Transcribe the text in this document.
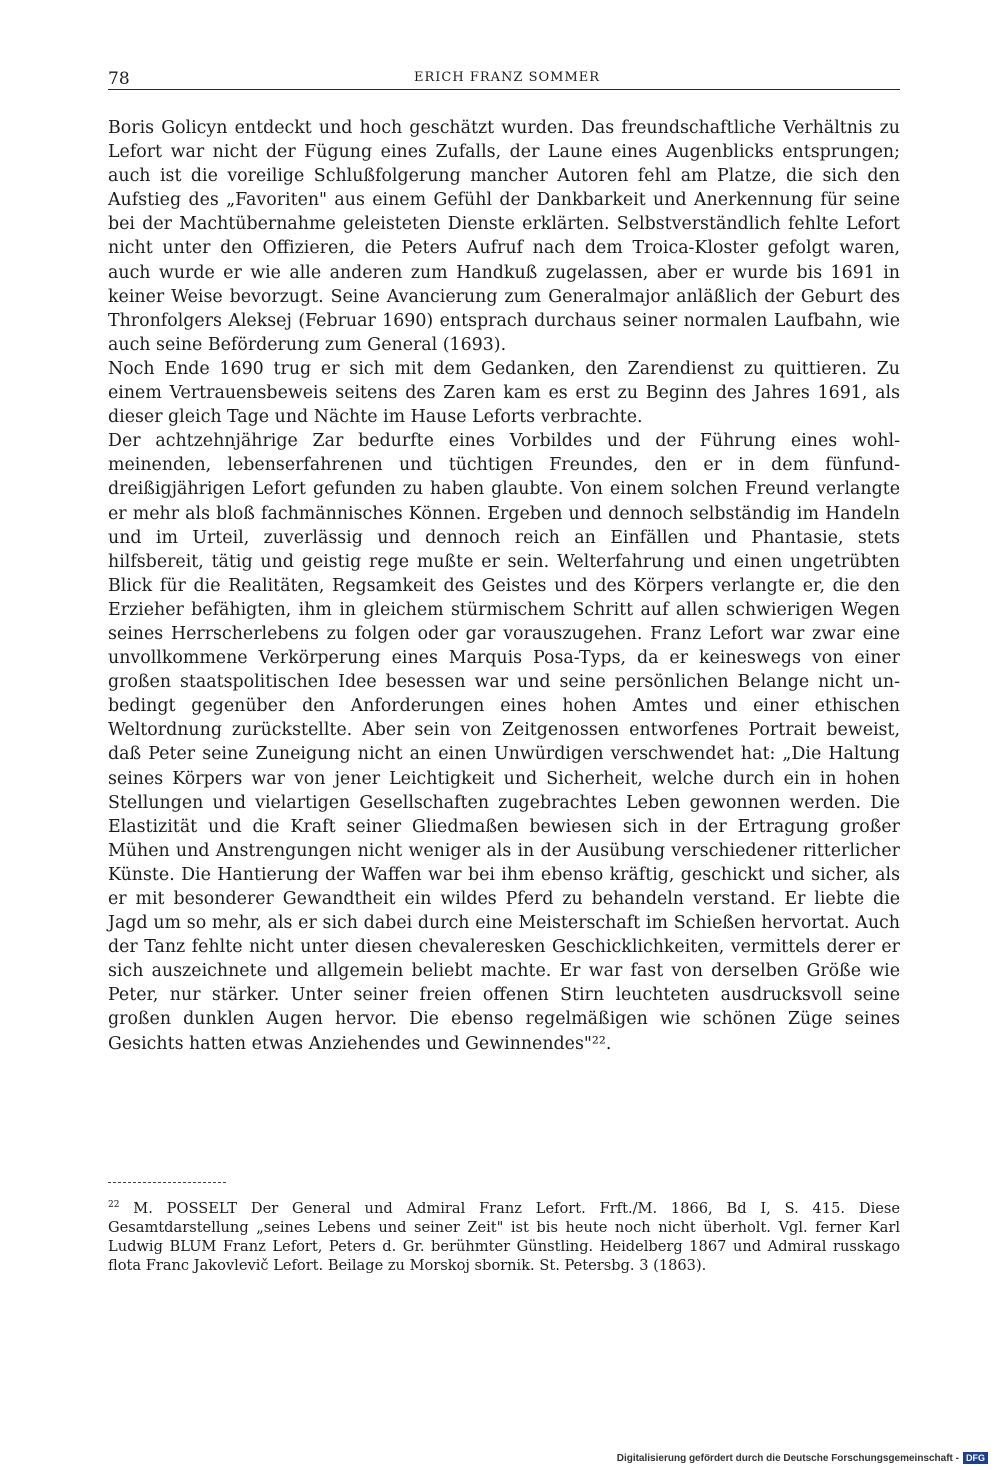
78	ERICH FRANZ SOMMER

Boris Golicyn entdeckt und hoch geschätzt wurden. Das freundschaftliche Verhältnis zu Lefort war nicht der Fügung eines Zufalls, der Laune eines Augenblicks entsprungen; auch ist die voreilige Schlußfolgerung mancher Autoren fehl am Platze, die sich den Aufstieg des „Favoriten" aus einem Gefühl der Dankbarkeit und Anerkennung für seine bei der Machtübernahme geleisteten Dienste erklärten. Selbstverständlich fehlte Lefort nicht unter den Offizieren, die Peters Aufruf nach dem Troica-Kloster gefolgt waren, auch wurde er wie alle anderen zum Handkuß zugelassen, aber er wurde bis 1691 in keiner Weise bevorzugt. Seine Avancierung zum Generalmajor anläßlich der Geburt des Thronfolgers Aleksej (Februar 1690) entsprach durchaus seiner normalen Laufbahn, wie auch seine Beförderung zum General (1693).

Noch Ende 1690 trug er sich mit dem Gedanken, den Zarendienst zu quittieren. Zu einem Vertrauensbeweis seitens des Zaren kam es erst zu Beginn des Jahres 1691, als dieser gleich Tage und Nächte im Hause Leforts verbrachte.

Der achtzehnjährige Zar bedurfte eines Vorbildes und der Führung eines wohlmeinenden, lebenserfahrenen und tüchtigen Freundes, den er in dem fünfunddreißigjährigen Lefort gefunden zu haben glaubte. Von einem solchen Freund verlangte er mehr als bloß fachmännisches Können. Ergeben und dennoch selbständig im Handeln und im Urteil, zuverlässig und dennoch reich an Einfällen und Phantasie, stets hilfsbereit, tätig und geistig rege mußte er sein. Welterfahrung und einen ungetrübten Blick für die Realitäten, Regsamkeit des Geistes und des Körpers verlangte er, die den Erzieher befähigten, ihm in gleichem stürmischem Schritt auf allen schwierigen Wegen seines Herrscherlebens zu folgen oder gar vorauszugehen. Franz Lefort war zwar eine unvollkommene Verkörperung eines Marquis Posa-Typs, da er keineswegs von einer großen staatspolitischen Idee besessen war und seine persönlichen Belange nicht unbedingt gegenüber den Anforderungen eines hohen Amtes und einer ethischen Weltordnung zurückstellte. Aber sein von Zeitgenossen entworfenes Portrait beweist, daß Peter seine Zuneigung nicht an einen Unwürdigen verschwendet hat: „Die Haltung seines Körpers war von jener Leichtigkeit und Sicherheit, welche durch ein in hohen Stellungen und vielartigen Gesellschaften zugebrachtes Leben gewonnen werden. Die Elastizität und die Kraft seiner Gliedmaßen bewiesen sich in der Ertragung großer Mühen und Anstrengungen nicht weniger als in der Ausübung verschiedener ritterlicher Künste. Die Hantierung der Waffen war bei ihm ebenso kräftig, geschickt und sicher, als er mit besonderer Gewandtheit ein wildes Pferd zu behandeln verstand. Er liebte die Jagd um so mehr, als er sich dabei durch eine Meisterschaft im Schießen hervortat. Auch der Tanz fehlte nicht unter diesen chevaleresken Geschicklichkeiten, vermittels derer er sich auszeichnete und allgemein beliebt machte. Er war fast von derselben Größe wie Peter, nur stärker. Unter seiner freien offenen Stirn leuchteten ausdrucksvoll seine großen dunklen Augen hervor. Die ebenso regelmäßigen wie schönen Züge seines Gesichts hatten etwas Anziehendes und Gewinnendes"²².

$^{22}$ M. POSSELT Der General und Admiral Franz Lefort. Frft./M. 1866, Bd I, S. 415. Diese Gesamtdarstellung „seines Lebens und seiner Zeit" ist bis heute noch nicht überholt. Vgl. ferner Karl Ludwig BLUM Franz Lefort, Peters d. Gr. berühmter Günstling. Heidelberg 1867 und Admiral russkago flota Franc Jakovlevič Lefort. Beilage zu Morskoj sbornik. St. Petersbg. 3 (1863).

Digitalisierung gefördert durch die Deutsche Forschungsgemeinschaft - DFG
